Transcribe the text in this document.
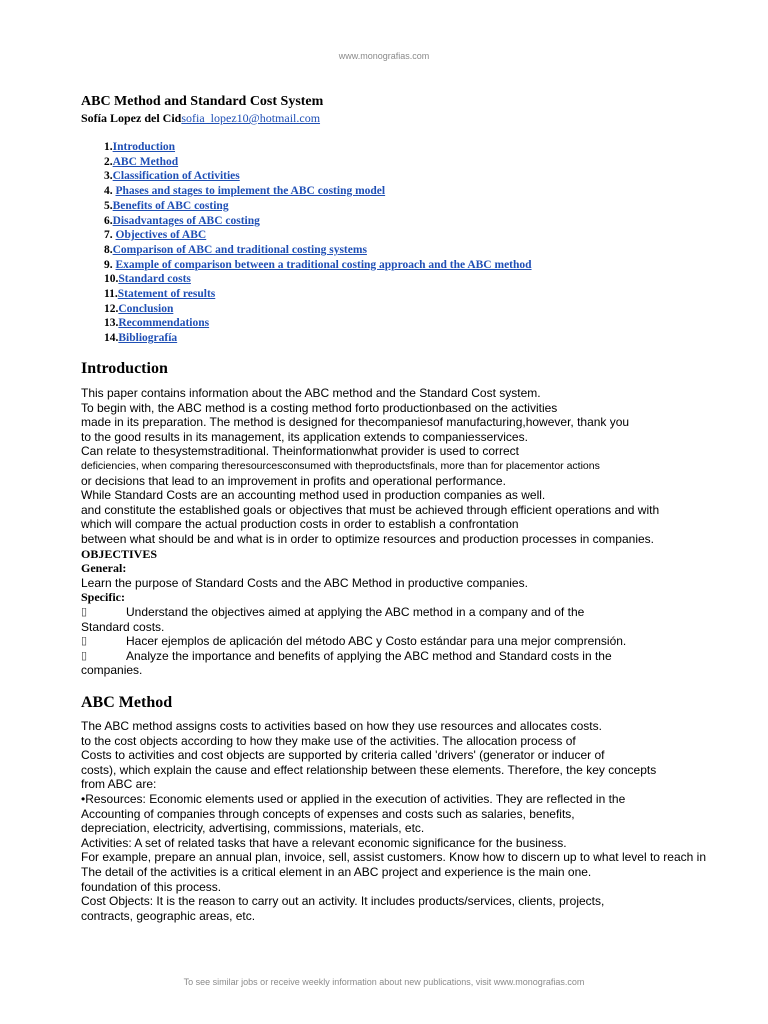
www.monografias.com
ABC Method and Standard Cost System
Sofía Lopez del Cidsofia_lopez10@hotmail.com
1.Introduction
2.ABC Method
3.Classification of Activities
4. Phases and stages to implement the ABC costing model
5.Benefits of ABC costing
6.Disadvantages of ABC costing
7. Objectives of ABC
8.Comparison of ABC and traditional costing systems
9. Example of comparison between a traditional costing approach and the ABC method
10.Standard costs
11.Statement of results
12.Conclusion
13.Recommendations
14.Bibliografía
Introduction

This paper contains information about the ABC method and the Standard Cost system.

To begin with, the ABC method is a costing method forto productionbased on the activities

made in its preparation. The method is designed for thecompaniesof manufacturing,however, thank you

to the good results in its management, its application extends to companiesservices.

Can relate to thesystemstraditional. Theinformationwhat provider is used to correct

deficiencies, when comparing theresourcesconsumed with theproductsfinals, more than for placementor actions

or decisions that lead to an improvement in profits and operational performance.

While Standard Costs are an accounting method used in production companies as well.

and constitute the established goals or objectives that must be achieved through efficient operations and with

which will compare the actual production costs in order to establish a confrontation

between what should be and what is in order to optimize resources and production processes in companies.

OBJECTIVES

General:

Learn the purpose of Standard Costs and the ABC Method in productive companies.

Specific:

▯	Understand the objectives aimed at applying the ABC method in a company and of the

Standard costs.

▯	Hacer ejemplos de aplicación del método ABC y Costo estándar para una mejor comprensión.
▯	Analyze the importance and benefits of applying the ABC method and Standard costs in the

companies.

ABC Method

The ABC method assigns costs to activities based on how they use resources and allocates costs.

to the cost objects according to how they make use of the activities. The allocation process of

Costs to activities and cost objects are supported by criteria called 'drivers' (generator or inducer of

costs), which explain the cause and effect relationship between these elements. Therefore, the key concepts

from ABC are:

•Resources: Economic elements used or applied in the execution of activities. They are reflected in the

Accounting of companies through concepts of expenses and costs such as salaries, benefits,

depreciation, electricity, advertising, commissions, materials, etc.

Activities: A set of related tasks that have a relevant economic significance for the business.

For example, prepare an annual plan, invoice, sell, assist customers. Know how to discern up to what level to reach in

The detail of the activities is a critical element in an ABC project and experience is the main one.

foundation of this process.

Cost Objects: It is the reason to carry out an activity. It includes products/services, clients, projects,

contracts, geographic areas, etc.

To see similar jobs or receive weekly information about new publications, visit www.monografias.com
